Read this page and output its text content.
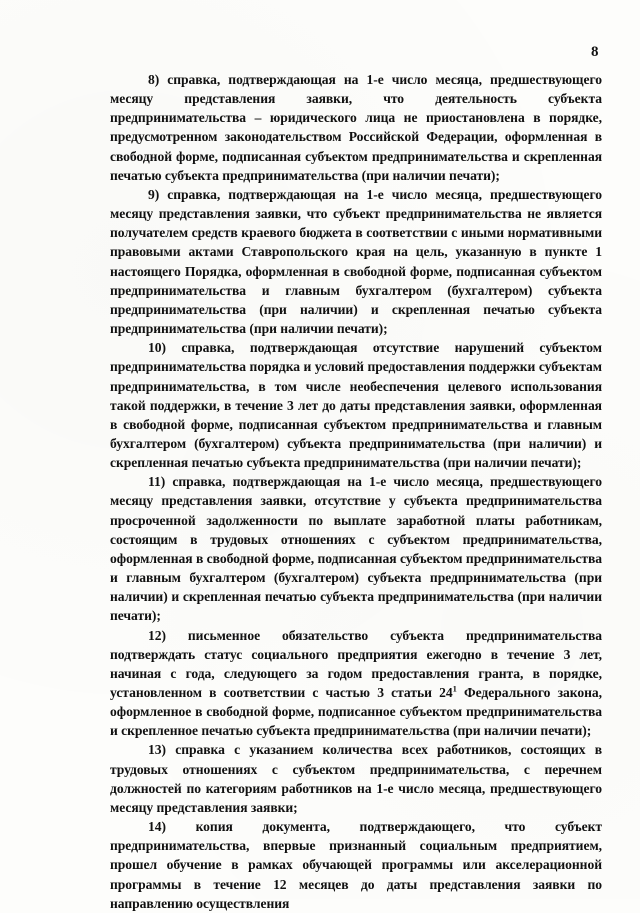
8

8) справка, подтверждающая на 1-е число месяца, предшествующего месяцу представления заявки, что деятельность субъекта предпринимательства – юридического лица не приостановлена в порядке, предусмотренном законодательством Российской Федерации, оформленная в свободной форме, подписанная субъектом предпринимательства и скрепленная печатью субъекта предпринимательства (при наличии печати);

9) справка, подтверждающая на 1-е число месяца, предшествующего месяцу представления заявки, что субъект предпринимательства не является получателем средств краевого бюджета в соответствии с иными нормативными правовыми актами Ставропольского края на цель, указанную в пункте 1 настоящего Порядка, оформленная в свободной форме, подписанная субъектом предпринимательства и главным бухгалтером (бухгалтером) субъекта предпринимательства (при наличии) и скрепленная печатью субъекта предпринимательства (при наличии печати);

10) справка, подтверждающая отсутствие нарушений субъектом предпринимательства порядка и условий предоставления поддержки субъектам предпринимательства, в том числе необеспечения целевого использования такой поддержки, в течение 3 лет до даты представления заявки, оформленная в свободной форме, подписанная субъектом предпринимательства и главным бухгалтером (бухгалтером) субъекта предпринимательства (при наличии) и скрепленная печатью субъекта предпринимательства (при наличии печати);

11) справка, подтверждающая на 1-е число месяца, предшествующего месяцу представления заявки, отсутствие у субъекта предпринимательства просроченной задолженности по выплате заработной платы работникам, состоящим в трудовых отношениях с субъектом предпринимательства, оформленная в свободной форме, подписанная субъектом предпринимательства и главным бухгалтером (бухгалтером) субъекта предпринимательства (при наличии) и скрепленная печатью субъекта предпринимательства (при наличии печати);

12) письменное обязательство субъекта предпринимательства подтверждать статус социального предприятия ежегодно в течение 3 лет, начиная с года, следующего за годом предоставления гранта, в порядке, установленном в соответствии с частью 3 статьи $24^1$ Федерального закона, оформленное в свободной форме, подписанное субъектом предпринимательства и скрепленное печатью субъекта предпринимательства (при наличии печати);

13) справка с указанием количества всех работников, состоящих в трудовых отношениях с субъектом предпринимательства, с перечнем должностей по категориям работников на 1-е число месяца, предшествующего месяцу представления заявки;

14) копия документа, подтверждающего, что субъект предпринимательства, впервые признанный социальным предприятием, прошел обучение в рамках обучающей программы или акселерационной программы в течение 12 месяцев до даты представления заявки по направлению осуществления
